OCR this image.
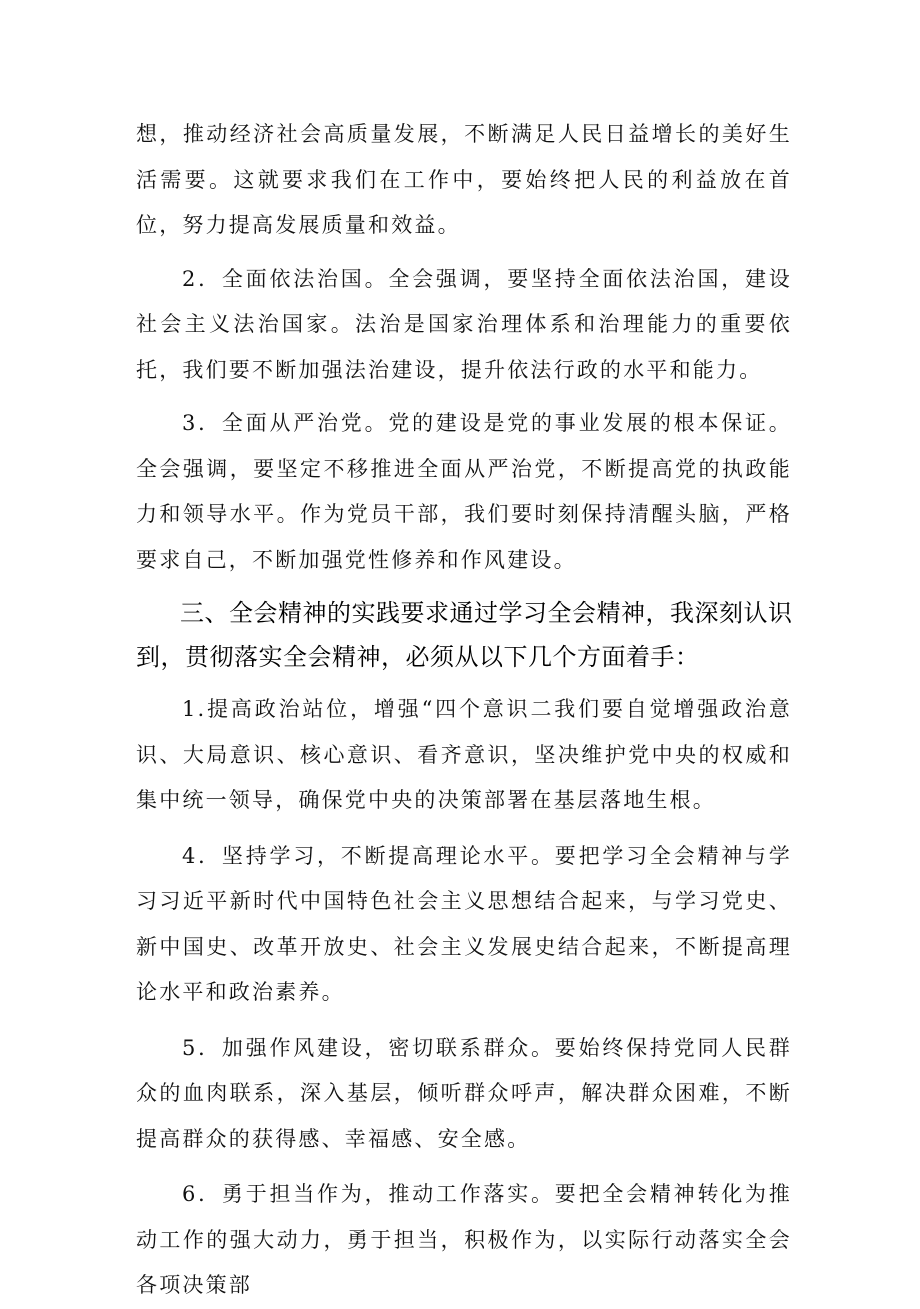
想，推动经济社会高质量发展，不断满足人民日益增长的美好生活需要。这就要求我们在工作中，要始终把人民的利益放在首位，努力提高发展质量和效益。

2．全面依法治国。全会强调，要坚持全面依法治国，建设社会主义法治国家。法治是国家治理体系和治理能力的重要依托，我们要不断加强法治建设，提升依法行政的水平和能力。

3．全面从严治党。党的建设是党的事业发展的根本保证。全会强调，要坚定不移推进全面从严治党，不断提高党的执政能力和领导水平。作为党员干部，我们要时刻保持清醒头脑，严格要求自己，不断加强党性修养和作风建设。

三、全会精神的实践要求通过学习全会精神，我深刻认识到，贯彻落实全会精神，必须从以下几个方面着手：

1.提高政治站位，增强“四个意识二我们要自觉增强政治意识、大局意识、核心意识、看齐意识，坚决维护党中央的权威和集中统一领导，确保党中央的决策部署在基层落地生根。

4．坚持学习，不断提高理论水平。要把学习全会精神与学习习近平新时代中国特色社会主义思想结合起来，与学习党史、新中国史、改革开放史、社会主义发展史结合起来，不断提高理论水平和政治素养。

5．加强作风建设，密切联系群众。要始终保持党同人民群众的血肉联系，深入基层，倾听群众呼声，解决群众困难，不断提高群众的获得感、幸福感、安全感。

6．勇于担当作为，推动工作落实。要把全会精神转化为推动工作的强大动力，勇于担当，积极作为，以实际行动落实全会各项决策部
